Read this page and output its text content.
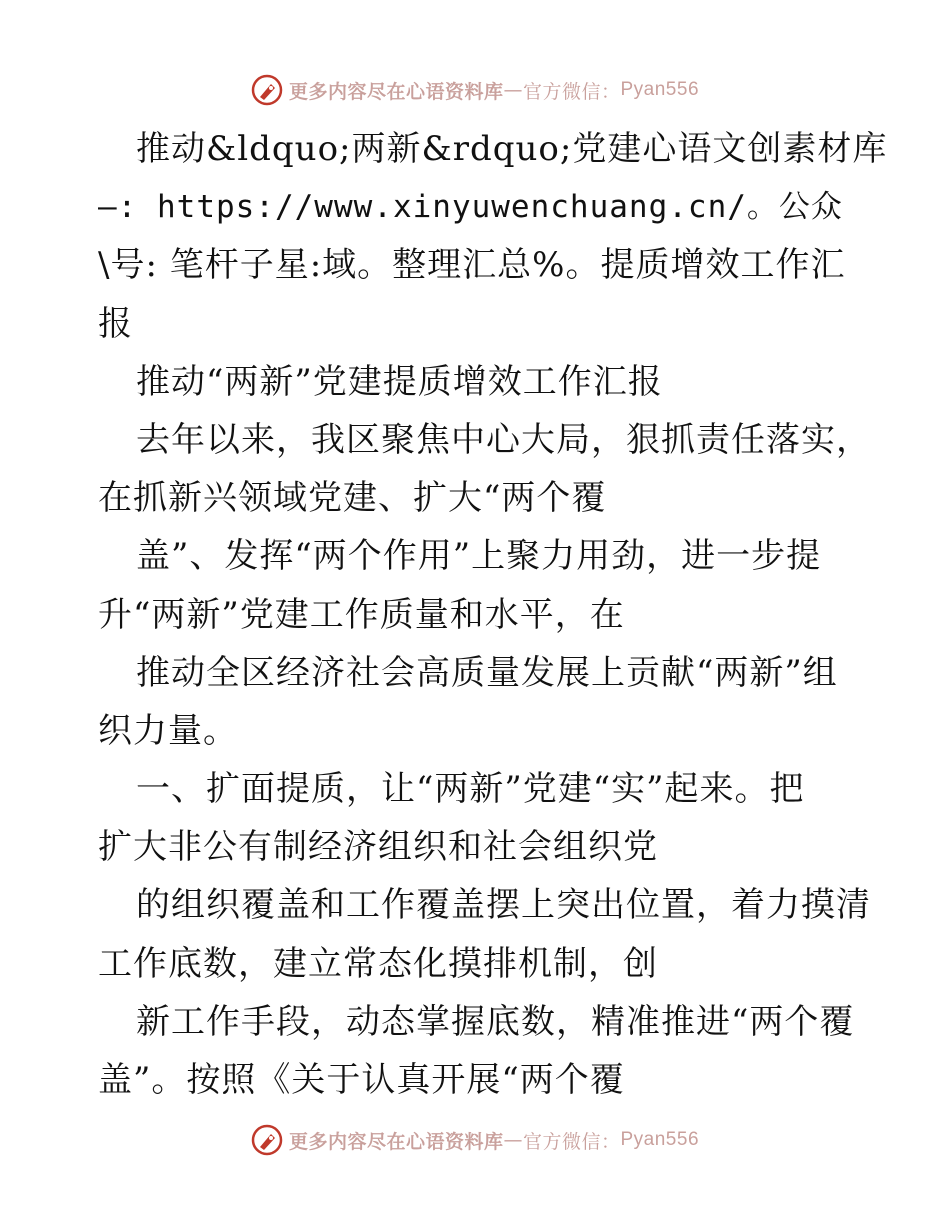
更多内容尽在心语资料库 — 官方微信： Pyan556
推动&ldquo;两新&rdquo;党建心语文创素材库
—: https://www.xinyuwenchuang.cn/。公众
\号: 笔杆子星:域。整理汇总%。提质增效工作汇
报
推动“两新”党建提质增效工作汇报
去年以来，我区聚焦中心大局，狠抓责任落实，
在抓新兴领域党建、扩大“两个覆
盖”、发挥“两个作用”上聚力用劲，进一步提
升“两新”党建工作质量和水平，在
推动全区经济社会高质量发展上贡献“两新”组
织力量。
一、扩面提质，让“两新”党建“实”起来。把
扩大非公有制经济组织和社会组织党
的组织覆盖和工作覆盖摆上突出位置，着力摸清
工作底数，建立常态化摸排机制，创
新工作手段，动态掌握底数，精准推进“两个覆
盖”。按照《关于认真开展“两个覆
更多内容尽在心语资料库 — 官方微信： Pyan556
